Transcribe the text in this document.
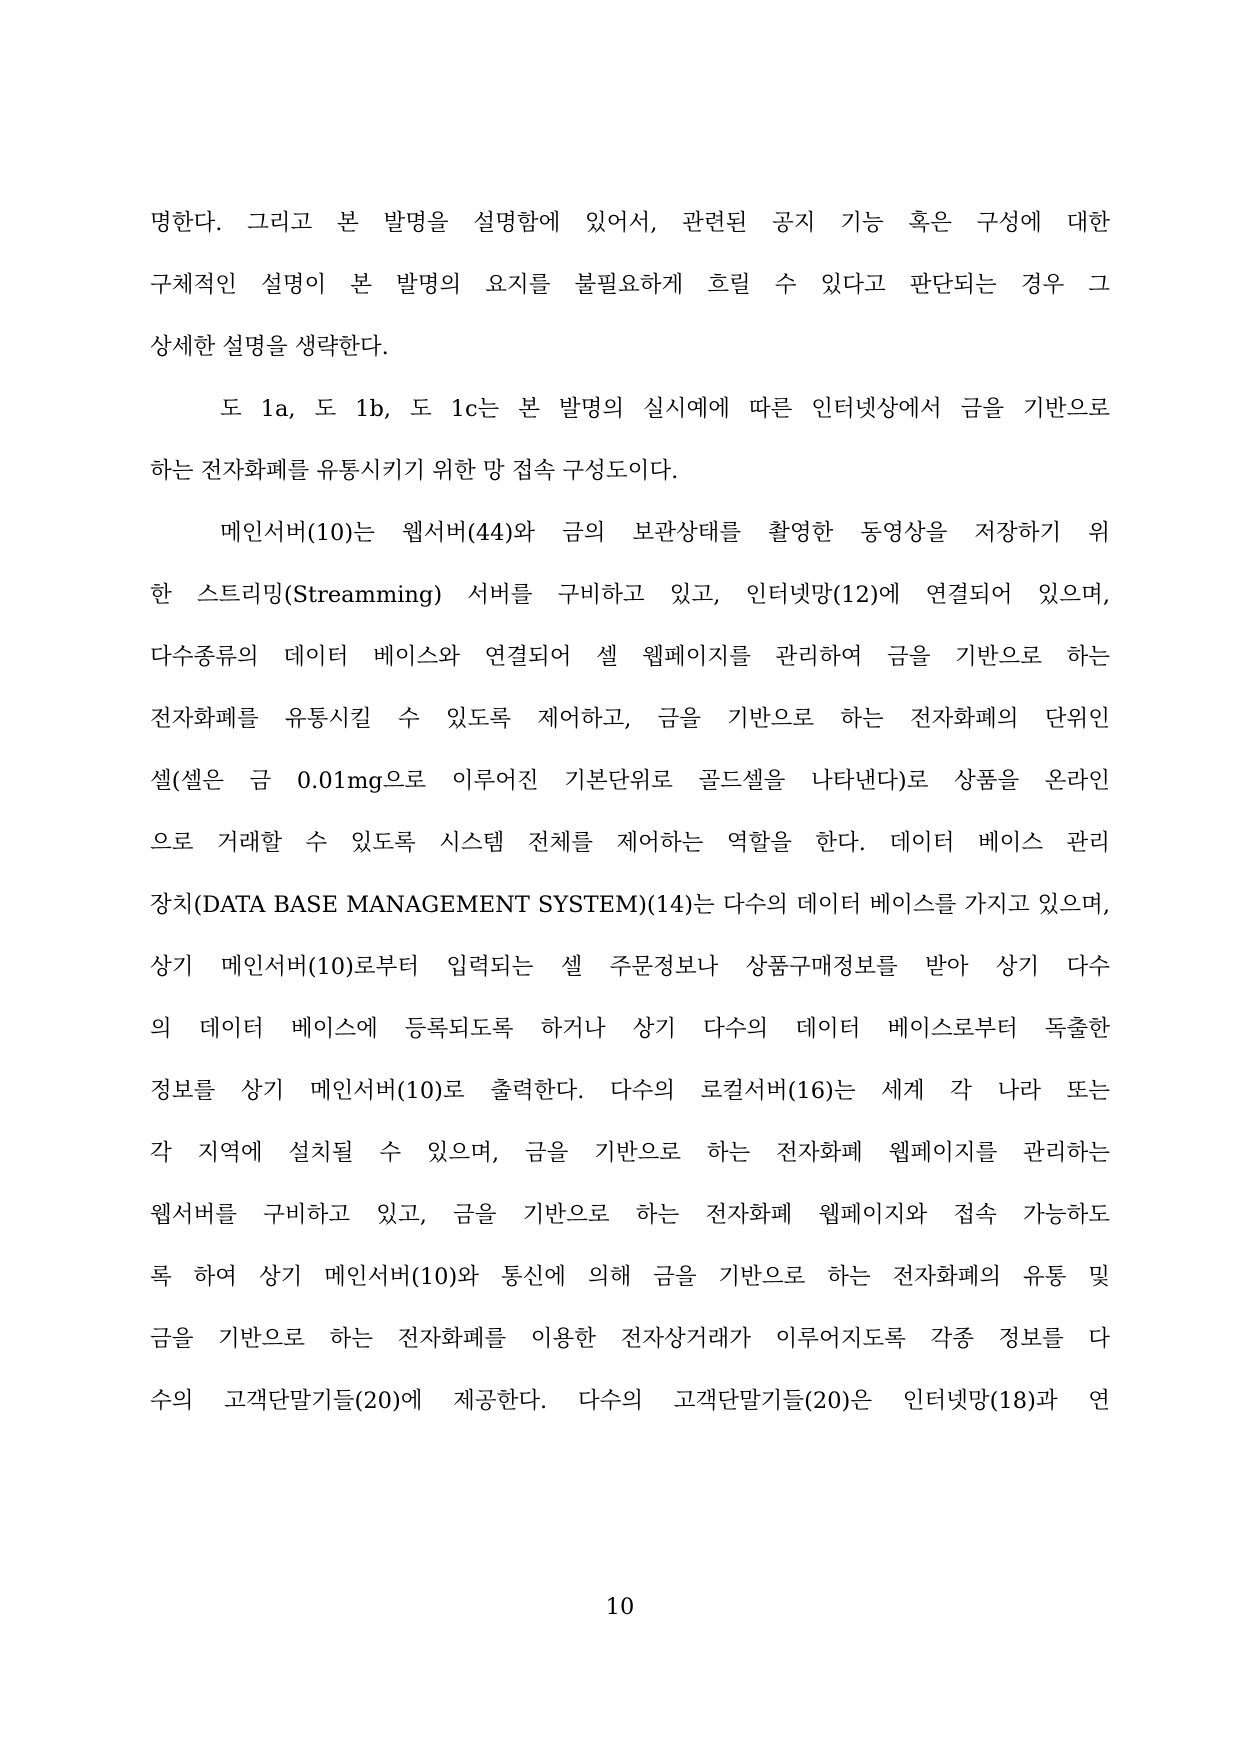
명한다. 그리고 본 발명을 설명함에 있어서, 관련된 공지 기능 혹은 구성에 대한
구체적인 설명이 본 발명의 요지를 불필요하게 흐릴 수 있다고 판단되는 경우 그
상세한 설명을 생략한다.
도 1a, 도 1b, 도 1c는 본 발명의 실시예에 따른 인터넷상에서 금을 기반으로
하는 전자화폐를 유통시키기 위한 망 접속 구성도이다.
메인서버(10)는 웹서버(44)와 금의 보관상태를 촬영한 동영상을 저장하기 위
한 스트리밍(Streamming) 서버를 구비하고 있고, 인터넷망(12)에 연결되어 있으며,
다수종류의 데이터 베이스와 연결되어 셀 웹페이지를 관리하여 금을 기반으로 하는
전자화폐를 유통시킬 수 있도록 제어하고, 금을 기반으로 하는 전자화폐의 단위인
셀(셀은 금 0.01mg으로 이루어진 기본단위로 골드셀을 나타낸다)로 상품을 온라인
으로 거래할 수 있도록 시스템 전체를 제어하는 역할을 한다. 데이터 베이스 관리
장치(DATA BASE MANAGEMENT SYSTEM)(14)는 다수의 데이터 베이스를 가지고 있으며,
상기 메인서버(10)로부터 입력되는 셀 주문정보나 상품구매정보를 받아 상기 다수
의 데이터 베이스에 등록되도록 하거나 상기 다수의 데이터 베이스로부터 독출한
정보를 상기 메인서버(10)로 출력한다. 다수의 로컬서버(16)는 세계 각 나라 또는
각 지역에 설치될 수 있으며, 금을 기반으로 하는 전자화폐 웹페이지를 관리하는
웹서버를 구비하고 있고, 금을 기반으로 하는 전자화폐 웹페이지와 접속 가능하도
록 하여 상기 메인서버(10)와 통신에 의해 금을 기반으로 하는 전자화폐의 유통 및
금을 기반으로 하는 전자화폐를 이용한 전자상거래가 이루어지도록 각종 정보를 다
수의 고객단말기들(20)에 제공한다. 다수의 고객단말기들(20)은 인터넷망(18)과 연
10
